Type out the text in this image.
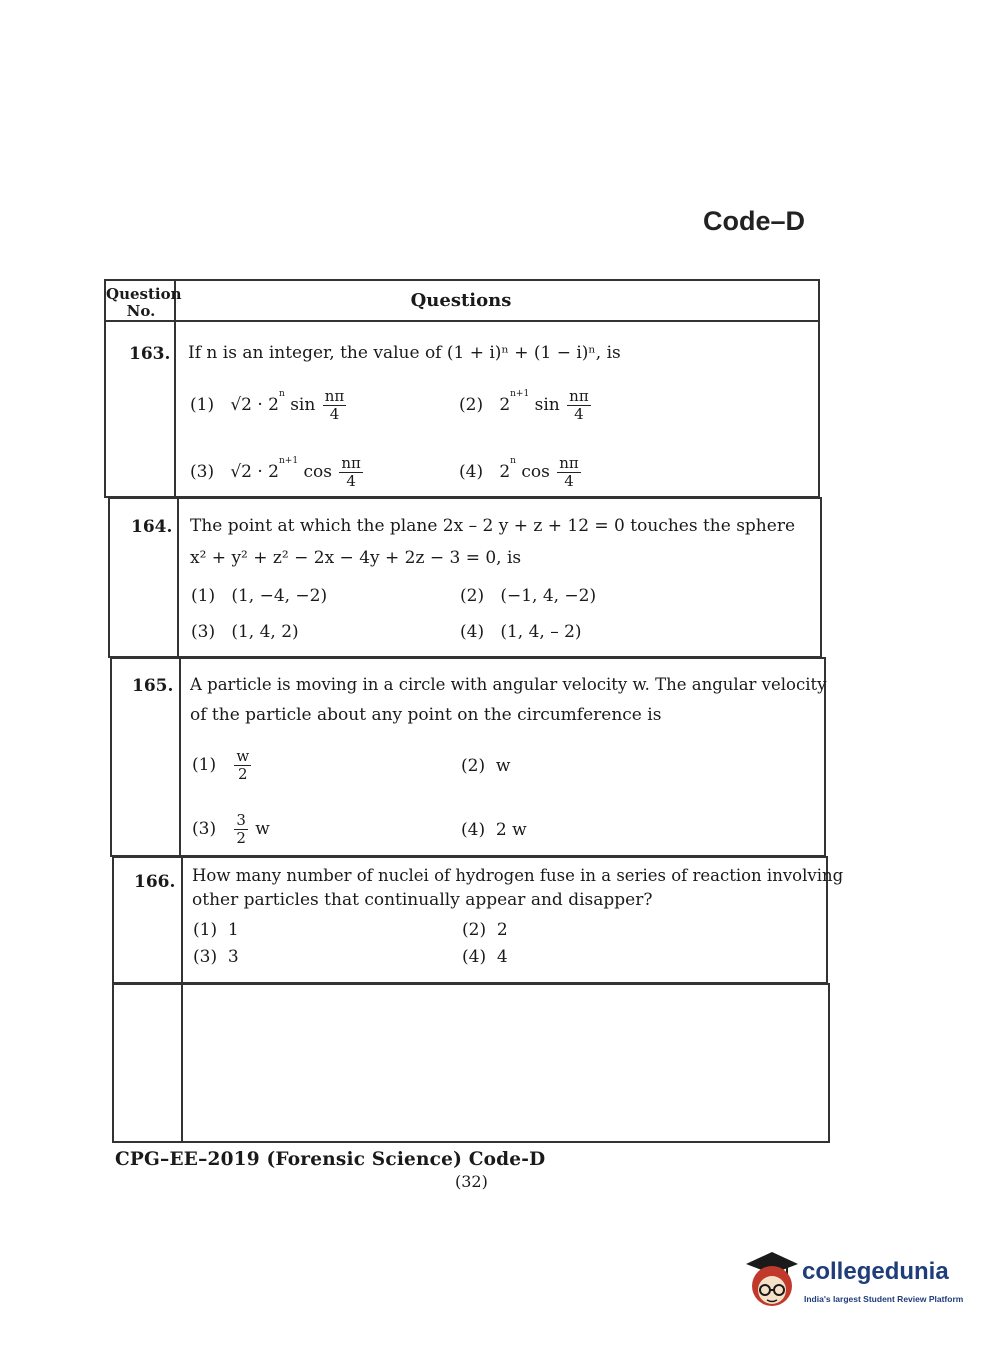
Code–D
Question
No.	Questions
163. If n is an integer, the value of (1 + i)ⁿ + (1 − i)ⁿ, is
(1) $√2 \cdot 2^n$ $\sin \frac{n\pi}{4}$	(2) $2^{n+1}$ $\sin \frac{n\pi}{4}$
(3) $√2 \cdot 2^{n+1}$ $\cos \frac{n\pi}{4}$	(4) 2$^n$ $\cos \frac{n\pi}{4}$
164. The point at which the plane 2x – 2 y + z + 12 = 0 touches the sphere
x² + y² + z² − 2x − 4y + 2z − 3 = 0, is
(1) (1, −4, −2)	(2) (−1, 4, −2)
(3) (1, 4, 2)	(4) (1, 4, – 2)
165. A particle is moving in a circle with angular velocity w. The angular velocity
of the particle about any point on the circumference is
$(1) \frac{w}{2}$	(2) w
$(3) \frac{3}{2}$ w	(4) 2 w
166. How many number of nuclei of hydrogen fuse in a series of reaction involving
other particles that continually appear and disapper?
(1) 1	(2) 2
(3) 3	(4) 4
CPG–EE–2019 (Forensic Science) Code-D
(32)
collegedunia
India's largest Student Review Platform
